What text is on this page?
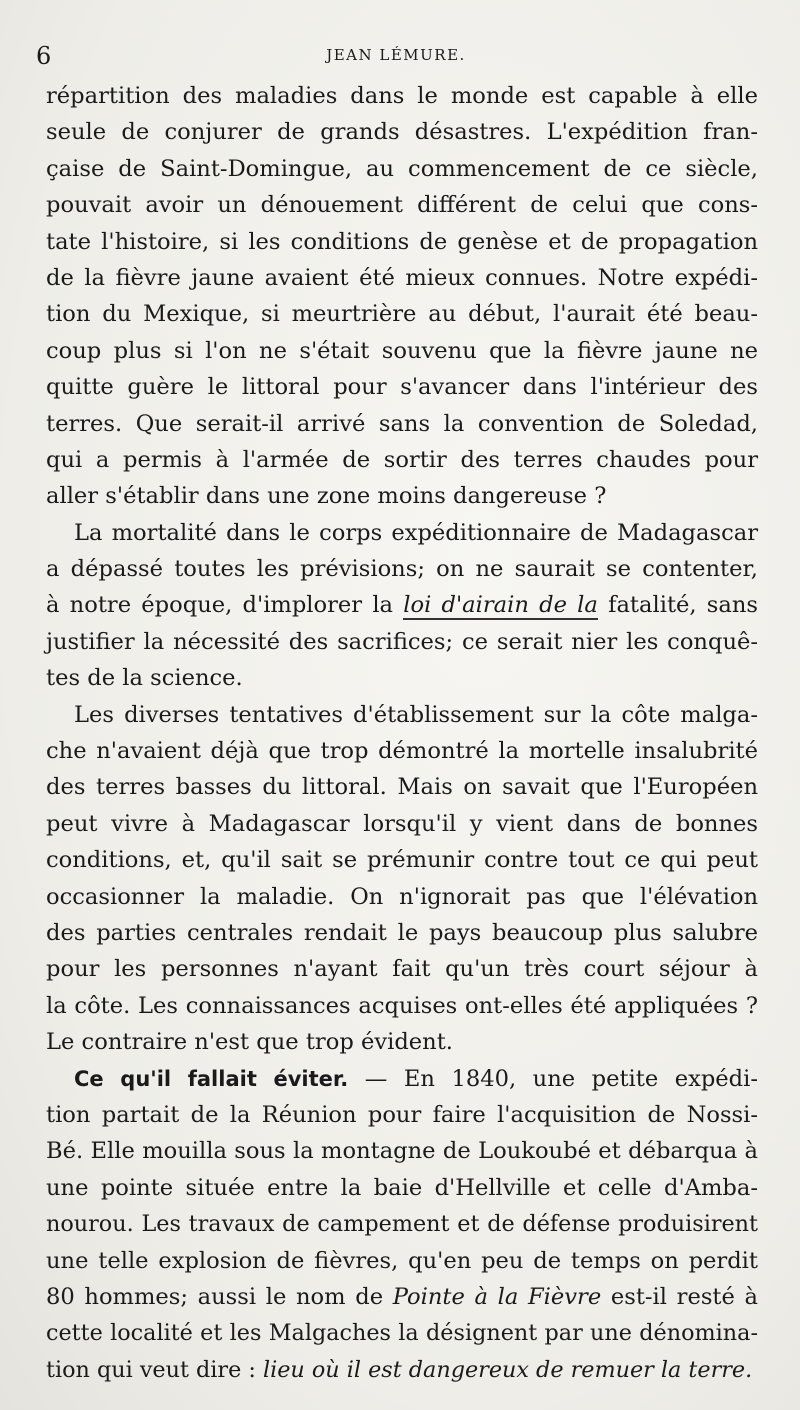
6	JEAN LÉMURE.
répartition des maladies dans le monde est capable à elle
seule de conjurer de grands désastres. L'expédition fran-
çaise de Saint-Domingue, au commencement de ce siècle,
pouvait avoir un dénouement différent de celui que cons-
tate l'histoire, si les conditions de genèse et de propagation
de la fièvre jaune avaient été mieux connues. Notre expédi-
tion du Mexique, si meurtrière au début, l'aurait été beau-
coup plus si l'on ne s'était souvenu que la fièvre jaune ne
quitte guère le littoral pour s'avancer dans l'intérieur des
terres. Que serait-il arrivé sans la convention de Soledad,
qui a permis à l'armée de sortir des terres chaudes pour
aller s'établir dans une zone moins dangereuse ?
La mortalité dans le corps expéditionnaire de Madagascar
a dépassé toutes les prévisions; on ne saurait se contenter,
à notre époque, d'implorer la loi d'airain de la fatalité, sans
justifier la nécessité des sacrifices; ce serait nier les conquê-
tes de la science.
Les diverses tentatives d'établissement sur la côte malga-
che n'avaient déjà que trop démontré la mortelle insalubrité
des terres basses du littoral. Mais on savait que l'Européen
peut vivre à Madagascar lorsqu'il y vient dans de bonnes
conditions, et, qu'il sait se prémunir contre tout ce qui peut
occasionner la maladie. On n'ignorait pas que l'élévation
des parties centrales rendait le pays beaucoup plus salubre
pour les personnes n'ayant fait qu'un très court séjour à
la côte. Les connaissances acquises ont-elles été appliquées ?
Le contraire n'est que trop évident.
Ce qu'il fallait éviter. — En 1840, une petite expédi-
tion partait de la Réunion pour faire l'acquisition de Nossi-
Bé. Elle mouilla sous la montagne de Loukoubé et débarqua à
une pointe située entre la baie d'Hellville et celle d'Amba-
nourou. Les travaux de campement et de défense produisirent
une telle explosion de fièvres, qu'en peu de temps on perdit
80 hommes; aussi le nom de Pointe à la Fièvre est-il resté à
cette localité et les Malgaches la désignent par une dénomina-
tion qui veut dire : lieu où il est dangereux de remuer la terre.
